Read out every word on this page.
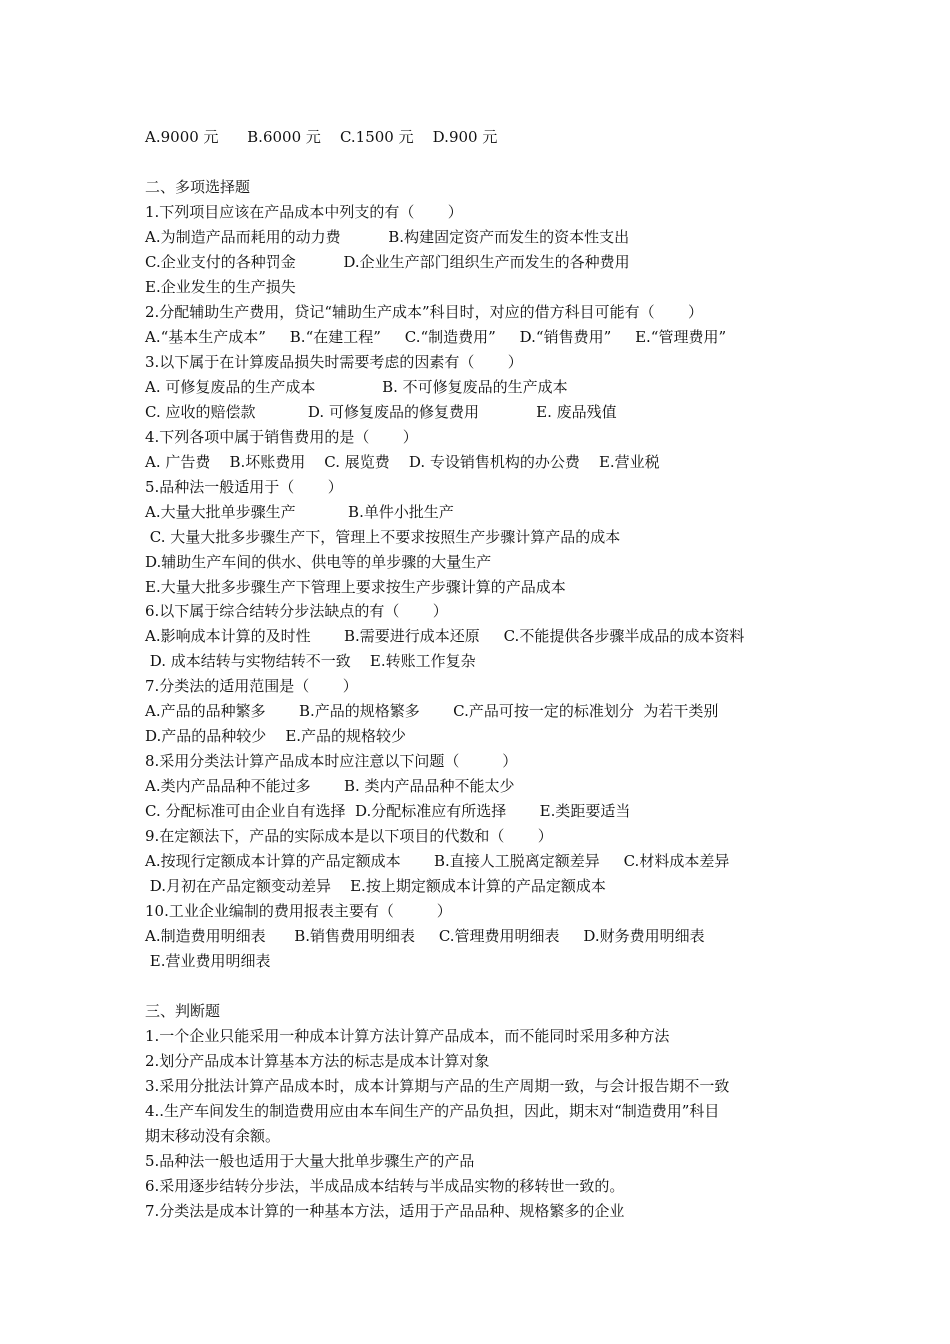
A.9000 元      B.6000 元    C.1500 元    D.900 元
二、多项选择题
1.下列项目应该在产品成本中列支的有（       ）
A.为制造产品而耗用的动力费          B.构建固定资产而发生的资本性支出
C.企业支付的各种罚金          D.企业生产部门组织生产而发生的各种费用
E.企业发生的生产损失
2.分配辅助生产费用，贷记“辅助生产成本”科目时，对应的借方科目可能有（       ）
A.“基本生产成本”     B.“在建工程”     C.“制造费用”     D.“销售费用”     E.“管理费用”
3.以下属于在计算废品损失时需要考虑的因素有（       ）
A. 可修复废品的生产成本              B. 不可修复废品的生产成本
C. 应收的赔偿款           D. 可修复废品的修复费用            E. 废品残值
4.下列各项中属于销售费用的是（       ）
A. 广告费    B.坏账费用    C. 展览费    D. 专设销售机构的办公费    E.营业税
5.品种法一般适用于（       ）
A.大量大批单步骤生产           B.单件小批生产
C. 大量大批多步骤生产下，管理上不要求按照生产步骤计算产品的成本
D.辅助生产车间的供水、供电等的单步骤的大量生产
E.大量大批多步骤生产下管理上要求按生产步骤计算的产品成本
6.以下属于综合结转分步法缺点的有（       ）
A.影响成本计算的及时性       B.需要进行成本还原     C.不能提供各步骤半成品的成本资料
D. 成本结转与实物结转不一致    E.转账工作复杂
7.分类法的适用范围是（       ）
A.产品的品种繁多       B.产品的规格繁多       C.产品可按一定的标准划分  为若干类别
D.产品的品种较少    E.产品的规格较少
8.采用分类法计算产品成本时应注意以下问题（         ）
A.类内产品品种不能过多       B. 类内产品品种不能太少
C. 分配标准可由企业自有选择  D.分配标准应有所选择       E.类距要适当
9.在定额法下，产品的实际成本是以下项目的代数和（       ）
A.按现行定额成本计算的产品定额成本       B.直接人工脱离定额差异     C.材料成本差异
D.月初在产品定额变动差异    E.按上期定额成本计算的产品定额成本
10.工业企业编制的费用报表主要有（         ）
A.制造费用明细表      B.销售费用明细表     C.管理费用明细表     D.财务费用明细表
E.营业费用明细表
三、判断题
1.一个企业只能采用一种成本计算方法计算产品成本，而不能同时采用多种方法
2.划分产品成本计算基本方法的标志是成本计算对象
3.采用分批法计算产品成本时，成本计算期与产品的生产周期一致，与会计报告期不一致
4..生产车间发生的制造费用应由本车间生产的产品负担，因此，期末对“制造费用”科目
期末移动没有余额。
5.品种法一般也适用于大量大批单步骤生产的产品
6.采用逐步结转分步法，半成品成本结转与半成品实物的移转世一致的。
7.分类法是成本计算的一种基本方法，适用于产品品种、规格繁多的企业
